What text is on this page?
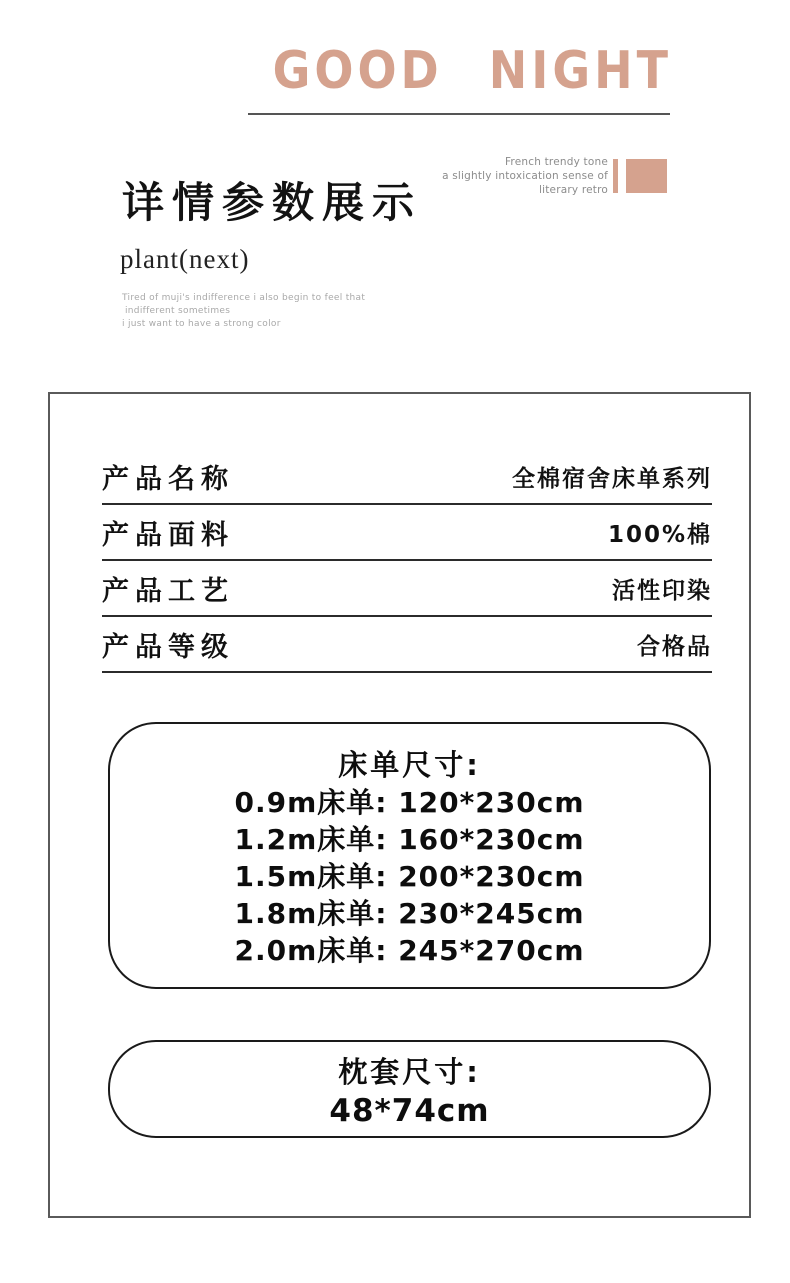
GOOD NIGHT
详情参数展示
plant(next)
Tired of muji's indifference i also begin to feel that
indifferent sometimes
i just want to have a strong color
French trendy tone
a slightly intoxication sense of
literary retro
产品名称	全棉宿舍床单系列
产品面料	100%棉
产品工艺	活性印染
产品等级	合格品
床单尺寸:
0.9m床单: 120*230cm
1.2m床单: 160*230cm
1.5m床单: 200*230cm
1.8m床单: 230*245cm
2.0m床单: 245*270cm
枕套尺寸:
48*74cm
